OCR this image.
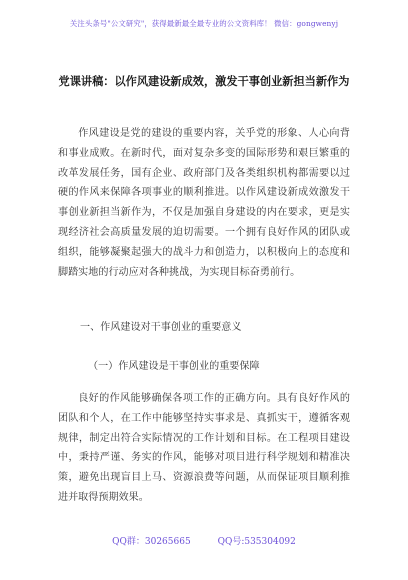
关注头条号"公文研究"，获得最新最全最专业的公文资料库！ 微信：gongwenyj
党课讲稿：以作风建设新成效，激发干事创业新担当新作为
作风建设是党的建设的重要内容，关乎党的形象、人心向背和事业成败。在新时代，面对复杂多变的国际形势和艰巨繁重的改革发展任务，国有企业、政府部门及各类组织机构都需要以过硬的作风来保障各项事业的顺利推进。以作风建设新成效激发干事创业新担当新作为，不仅是加强自身建设的内在要求，更是实现经济社会高质量发展的迫切需要。一个拥有良好作风的团队或组织，能够凝聚起强大的战斗力和创造力，以积极向上的态度和脚踏实地的行动应对各种挑战，为实现目标奋勇前行。
一、作风建设对干事创业的重要意义
（一）作风建设是干事创业的重要保障
良好的作风能够确保各项工作的正确方向。具有良好作风的团队和个人，在工作中能够坚持实事求是、真抓实干，遵循客观规律，制定出符合实际情况的工作计划和目标。在工程项目建设中，秉持严谨、务实的作风，能够对项目进行科学规划和精准决策，避免出现盲目上马、资源浪费等问题，从而保证项目顺利推进并取得预期效果。
QQ群：30265665	QQ号:535304092
